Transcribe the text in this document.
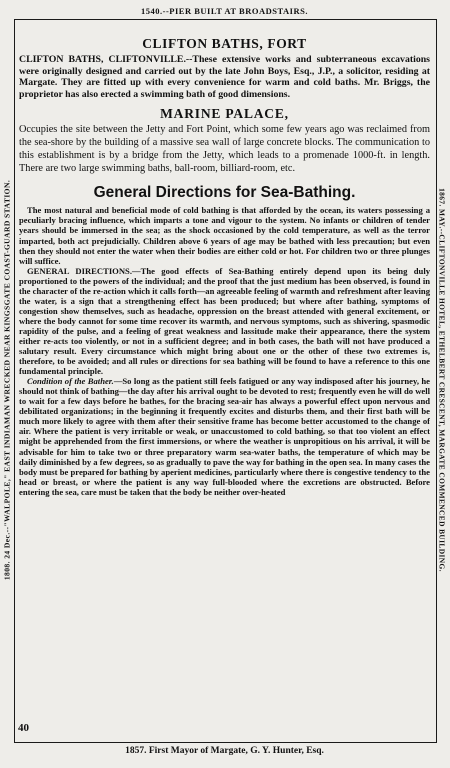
1540.--PIER BUILT AT BROADSTAIRS.
1808. 24 Dec.--"WALPOLE," EAST INDIAMAN WRECKED NEAR KINGSGATE COAST-GUARD STATION.	1867. MAY.--CLIFTONVILLE HOTEL, ETHELBERT CRESCENT, MARGATE COMMENCED BUILDING.
CLIFTON BATHS, FORT

CLIFTON BATHS, CLIFTONVILLE.--These extensive works and subterraneous excavations were originally designed and carried out by the late John Boys, Esq., J.P., a solicitor, residing at Margate. They are fitted up with every convenience for warm and cold baths. Mr. Briggs, the proprietor has also erected a swimming bath of good dimensions.

MARINE PALACE,

Occupies the site between the Jetty and Fort Point, which some few years ago was reclaimed from the sea-shore by the building of a massive sea wall of large concrete blocks. The communication to this establishment is by a bridge from the Jetty, which leads to a promenade 1000-ft. in length. There are two large swimming baths, ball-room, billiard-room, etc.

General Directions for Sea-Bathing.

The most natural and beneficial mode of cold bathing is that afforded by the ocean, its waters possessing a peculiarly bracing influence, which imparts a tone and vigour to the system. No infants or children of tender years should be immersed in the sea; as the shock occasioned by the cold temperature, as well as the terror imparted, both act prejudicially. Children above 6 years of age may be bathed with less precaution; but even then they should not enter the water when their bodies are either cold or hot. For children two or three plunges will suffice.

GENERAL DIRECTIONS.—The good effects of Sea-Bathing entirely depend upon its being duly proportioned to the powers of the individual; and the proof that the just medium has been observed, is found in the character of the re-action which it calls forth—an agreeable feeling of warmth and refreshment after leaving the water, is a sign that a strengthening effect has been produced; but where after bathing, symptoms of congestion show themselves, such as headache, oppression on the breast attended with general excitement, or where the body cannot for some time recover its warmth, and nervous symptoms, such as shivering, spasmodic rapidity of the pulse, and a feeling of great weakness and lassitude make their appearance, there the system either re-acts too violently, or not in a sufficient degree; and in both cases, the bath will not have produced a salutary result. Every circumstance which might bring about one or the other of these two extremes is, therefore, to be avoided; and all rules or directions for sea bathing will be found to have a reference to this one fundamental principle.

Condition of the Bather.—So long as the patient still feels fatigued or any way indisposed after his journey, he should not think of bathing—the day after his arrival ought to be devoted to rest; frequently even he will do well to wait for a few days before he bathes, for the bracing sea-air has always a powerful effect upon nervous and debilitated organizations; in the beginning it frequently excites and disturbs them, and their first bath will be much more likely to agree with them after their sensitive frame has become better accustomed to the change of air. Where the patient is very irritable or weak, or unaccustomed to cold bathing, so that too violent an effect might be apprehended from the first immersions, or where the weather is unpropitious on his arrival, it will be advisable for him to take two or three preparatory warm sea-water baths, the temperature of which may be daily diminished by a few degrees, so as gradually to pave the way for bathing in the open sea. In many cases the body must be prepared for bathing by aperient medicines, particularly where there is congestive tendency to the head or breast, or where the patient is any way full-blooded where the excretions are obstructed. Before entering the sea, care must be taken that the body be neither over-heated

40
1857. First Mayor of Margate, G. Y. Hunter, Esq.
